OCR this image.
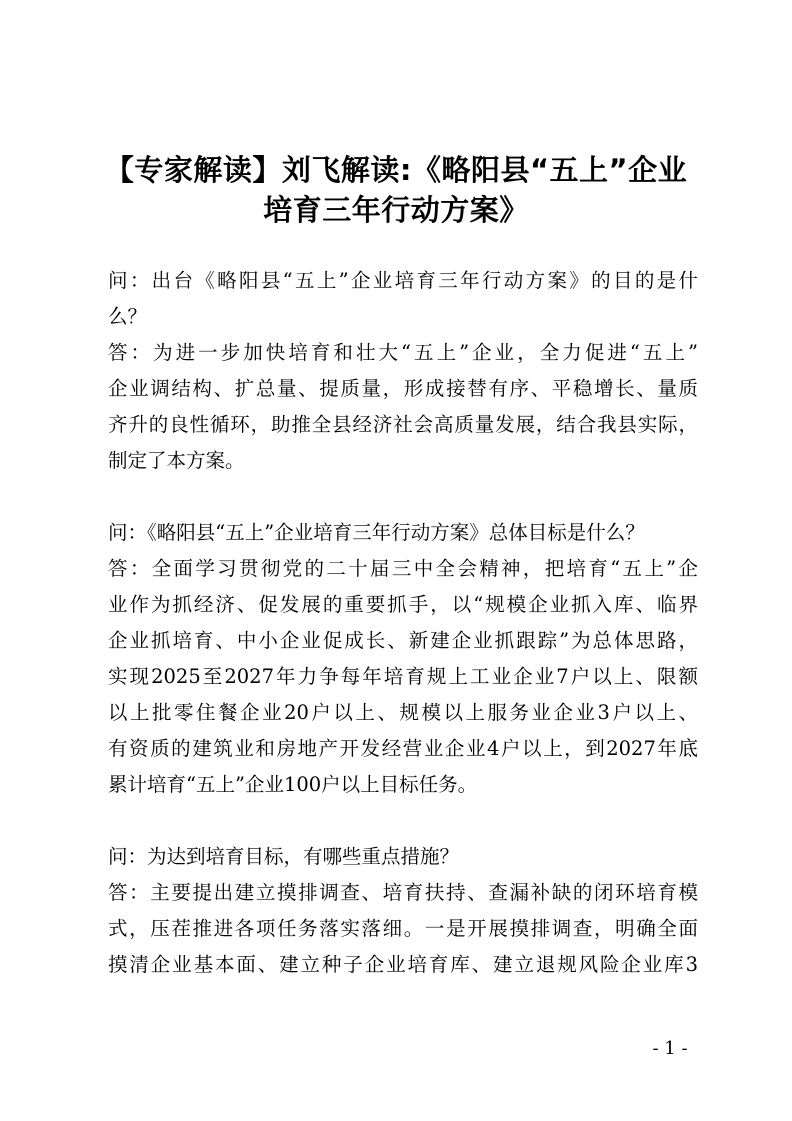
【专家解读】刘飞解读:《略阳县“五上”企业
培育三年行动方案》
问：出台《略阳县“五上”企业培育三年行动方案》的目的是什
么？
答：为进一步加快培育和壮大“五上”企业，全力促进“五上”
企业调结构、扩总量、提质量，形成接替有序、平稳增长、量质
齐升的良性循环，助推全县经济社会高质量发展，结合我县实际，
制定了本方案。
问：《略阳县“五上”企业培育三年行动方案》总体目标是什么？
答：全面学习贯彻党的二十届三中全会精神，把培育“五上”企
业作为抓经济、促发展的重要抓手，以“规模企业抓入库、临界
企业抓培育、中小企业促成长、新建企业抓跟踪”为总体思路，
实现2025至2027年力争每年培育规上工业企业7户以上、限额
以上批零住餐企业20户以上、规模以上服务业企业3户以上、
有资质的建筑业和房地产开发经营业企业4户以上，到2027年底
累计培育“五上”企业100户以上目标任务。
问：为达到培育目标，有哪些重点措施？
答：主要提出建立摸排调查、培育扶持、查漏补缺的闭环培育模
式，压茬推进各项任务落实落细。一是开展摸排调查，明确全面
摸清企业基本面、建立种子企业培育库、建立退规风险企业库3
- 1 -
